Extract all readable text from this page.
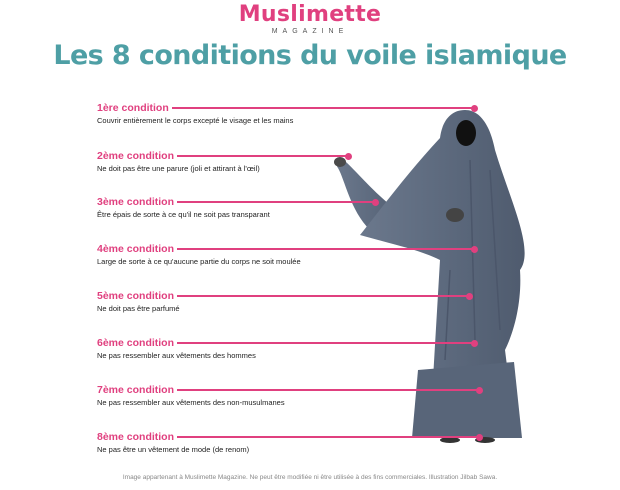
Muslimette
MAGAZINE
Les 8 conditions du voile islamique
1ère condition
Couvrir entièrement le corps excepté le visage et les mains
2ème condition
Ne doit pas être une parure (joli et attirant à l'œil)
3ème condition
Être épais de sorte à ce qu'il ne soit pas transparant
4ème condition
Large de sorte à ce qu'aucune partie du corps ne soit moulée
5ème condition
Ne doit pas être parfumé
6ème condition
Ne pas ressembler aux vêtements des hommes
7ème condition
Ne pas ressembler aux vêtements des non-musulmanes
8ème condition
Ne pas être un vêtement de mode (de renom)
Image appartenant à Muslimette Magazine. Ne peut être modifiée ni être utilisée à des fins commerciales. Illustration Jilbab Sawa.
